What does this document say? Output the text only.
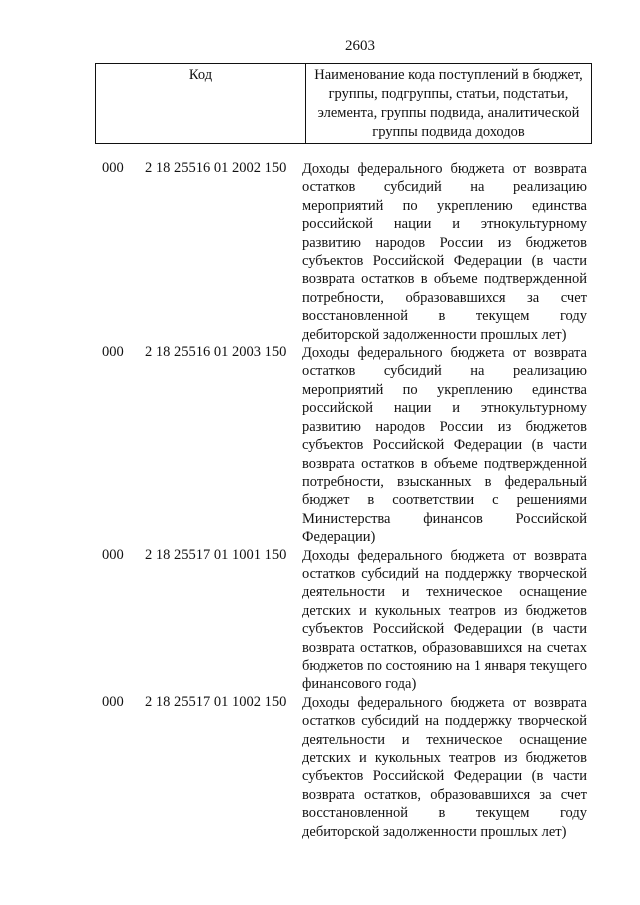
2603
Код	Наименование кода поступлений в бюджет, группы, подгруппы, статьи, подстатьи, элемента, группы подвида, аналитической группы подвида доходов
000 2 18 25516 01 2002 150 Доходы федерального бюджета от возврата остатков субсидий на реализацию мероприятий по укреплению единства российской нации и этнокультурному развитию народов России из бюджетов субъектов Российской Федерации (в части возврата остатков в объеме подтвержденной потребности, образовавшихся за счет восстановленной в текущем году дебиторской задолженности прошлых лет)
000 2 18 25516 01 2003 150 Доходы федерального бюджета от возврата остатков субсидий на реализацию мероприятий по укреплению единства российской нации и этнокультурному развитию народов России из бюджетов субъектов Российской Федерации (в части возврата остатков в объеме подтвержденной потребности, взысканных в федеральный бюджет в соответствии с решениями Министерства финансов Российской Федерации)
000 2 18 25517 01 1001 150 Доходы федерального бюджета от возврата остатков субсидий на поддержку творческой деятельности и техническое оснащение детских и кукольных театров из бюджетов субъектов Российской Федерации (в части возврата остатков, образовавшихся на счетах бюджетов по состоянию на 1 января текущего финансового года)
000 2 18 25517 01 1002 150 Доходы федерального бюджета от возврата остатков субсидий на поддержку творческой деятельности и техническое оснащение детских и кукольных театров из бюджетов субъектов Российской Федерации (в части возврата остатков, образовавшихся за счет восстановленной в текущем году дебиторской задолженности прошлых лет)
